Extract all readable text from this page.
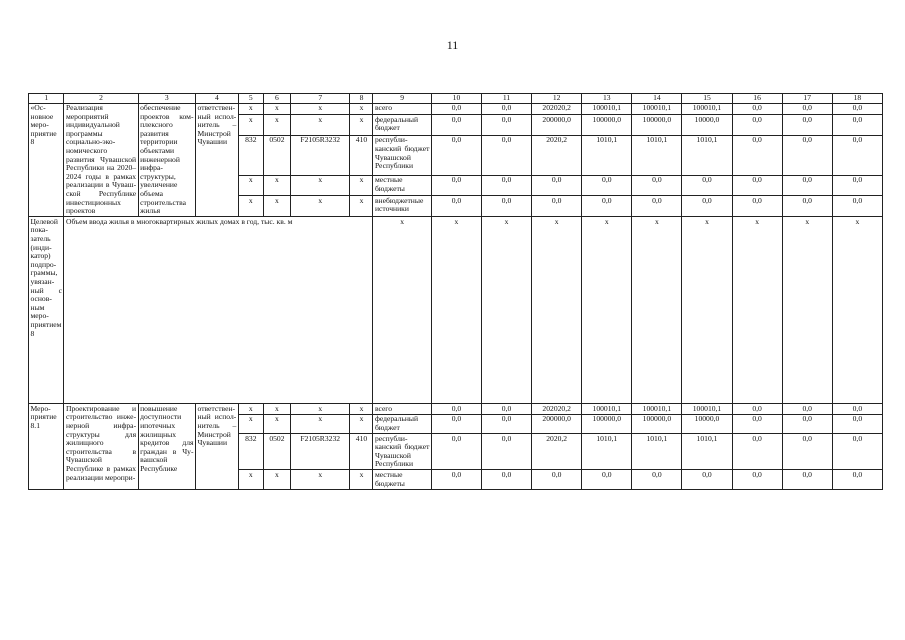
11
1	2	3	4	5	6	7	8	9	10	11	12	13	14	15	16	17	18
«Основное мероприятие 8	Реализация мероприятий индивидуальной программы социально-экономического развития Чувашской Республики на 2020–2024 годы в рамках реализации в Чувашской Республике инвестиционных проектов	обеспечение проектов комплексного развития территории объектами инженерной инфраструктуры, увеличение объема строительства жилья	ответственный исполнитель – Минстрой Чувашии	x	x	x	x	всего	0,0	0,0	202020,2	100010,1	100010,1	100010,1	0,0	0,0	0,0
				x	x	x	x	федеральный бюджет	0,0	0,0	200000,0	100000,0	100000,0	10000,0	0,0	0,0	0,0
				832	0502	F2105R3232	410	республиканский бюджет Чувашской Республики	0,0	0,0	2020,2	1010,1	1010,1	1010,1	0,0	0,0	0,0
				x	x	x	x	местные бюджеты	0,0	0,0	0,0	0,0	0,0	0,0	0,0	0,0	0,0
				x	x	x	x	внебюджетные источники	0,0	0,0	0,0	0,0	0,0	0,0	0,0	0,0	0,0
Целевой показатель (индикатор) подпрограммы, увязанный с основным мероприятием 8	Объем ввода жилья в многоквартирных жилых домах в год, тыс. кв. м							x	x	x	x	x	x	x	x	x	x
Мероприятие 8.1	Проектирование и строительство инженерной инфраструктуры для жилищного строительства в Чувашской Республике в рамках реализации меропри-	повышение доступности ипотечных жилищных кредитов для граждан в Чувашской Республике	ответственный исполнитель – Минстрой Чувашии	x	x	x	x	всего	0,0	0,0	202020,2	100010,1	100010,1	100010,1	0,0	0,0	0,0
				x	x	x	x	федеральный бюджет	0,0	0,0	200000,0	100000,0	100000,0	10000,0	0,0	0,0	0,0
				832	0502	F2105R3232	410	республиканский бюджет Чувашской Республики	0,0	0,0	2020,2	1010,1	1010,1	1010,1	0,0	0,0	0,0
				x	x	x	x	местные бюджеты	0,0	0,0	0,0	0,0	0,0	0,0	0,0	0,0	0,0
